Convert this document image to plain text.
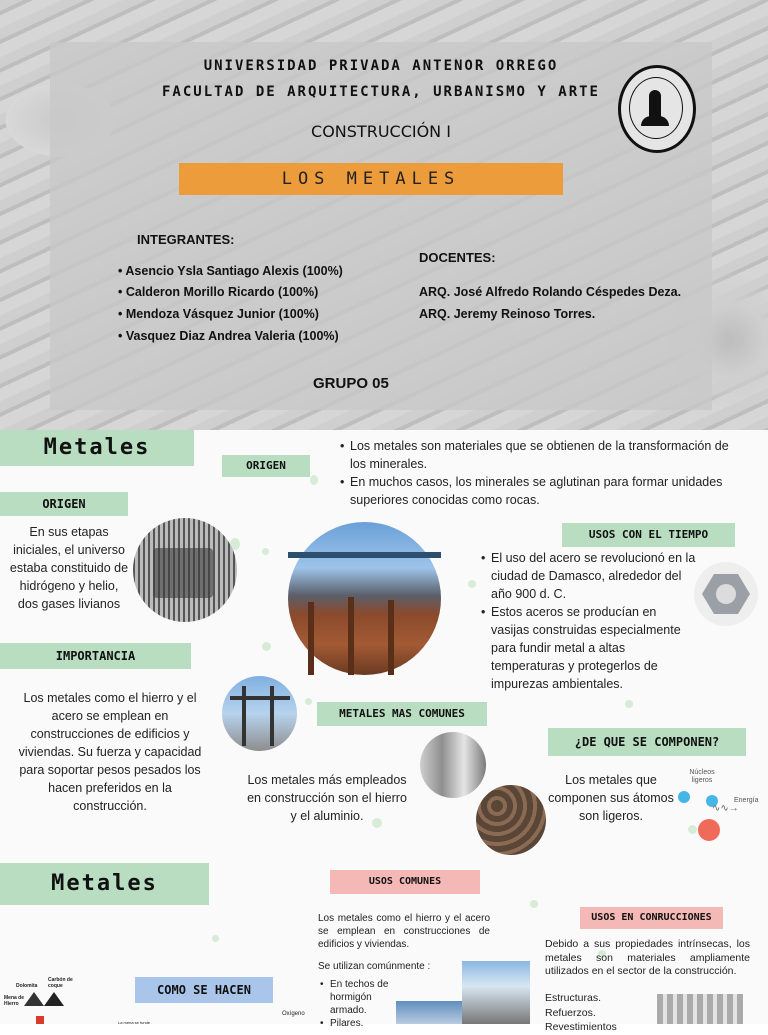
UNIVERSIDAD PRIVADA ANTENOR ORREGO
FACULTAD DE ARQUITECTURA, URBANISMO Y ARTE
CONSTRUCCIÓN I
LOS METALES
INTEGRANTES:
• Asencio Ysla Santiago Alexis (100%)
• Calderon Morillo Ricardo (100%)
• Mendoza Vásquez Junior (100%)
• Vasquez Diaz Andrea Valeria (100%)
DOCENTES:
ARQ. José Alfredo Rolando Céspedes Deza.
ARQ. Jeremy Reinoso Torres.
GRUPO 05
Metales
ORIGEN
• Los metales son materiales que se obtienen de la transformación de los minerales.
• En muchos casos, los minerales se aglutinan para formar unidades superiores conocidas como rocas.
ORIGEN
En sus etapas iniciales, el universo estaba constituido de hidrógeno y helio, dos gases livianos
USOS CON EL TIEMPO
• El uso del acero se revolucionó en la ciudad de Damasco, alrededor del año 900 d. C.
• Estos aceros se producían en vasijas construidas especialmente para fundir metal a altas temperaturas y protegerlos de impurezas ambientales.
IMPORTANCIA
Los metales como el hierro y el acero se emplean en construcciones de edificios y viviendas. Su fuerza y capacidad para soportar pesos pesados los hacen preferidos en la construcción.
METALES MAS COMUNES
Los metales más empleados en construcción son el hierro y el aluminio.
¿DE QUE SE COMPONEN?
Los metales que componen sus átomos son ligeros.
Núcleos ligeros
∿∿→
Energía
Metales	USOS COMUNES
Los metales como el hierro y el acero se emplean en construcciones de edificios y viviendas.
Se utilizan comúnmente :
• En techos de hormigón armado.
• Pilares.
USOS EN CONRUCCIONES
Debido a sus propiedades intrínsecas, los metales son materiales ampliamente utilizados en el sector de la construcción.
Estructuras.
Refuerzos.
Revestimientos
COMO SE HACEN
Dolomita
Carbón de coque
Mena de Hierro
Oxígeno
La mena se funde
